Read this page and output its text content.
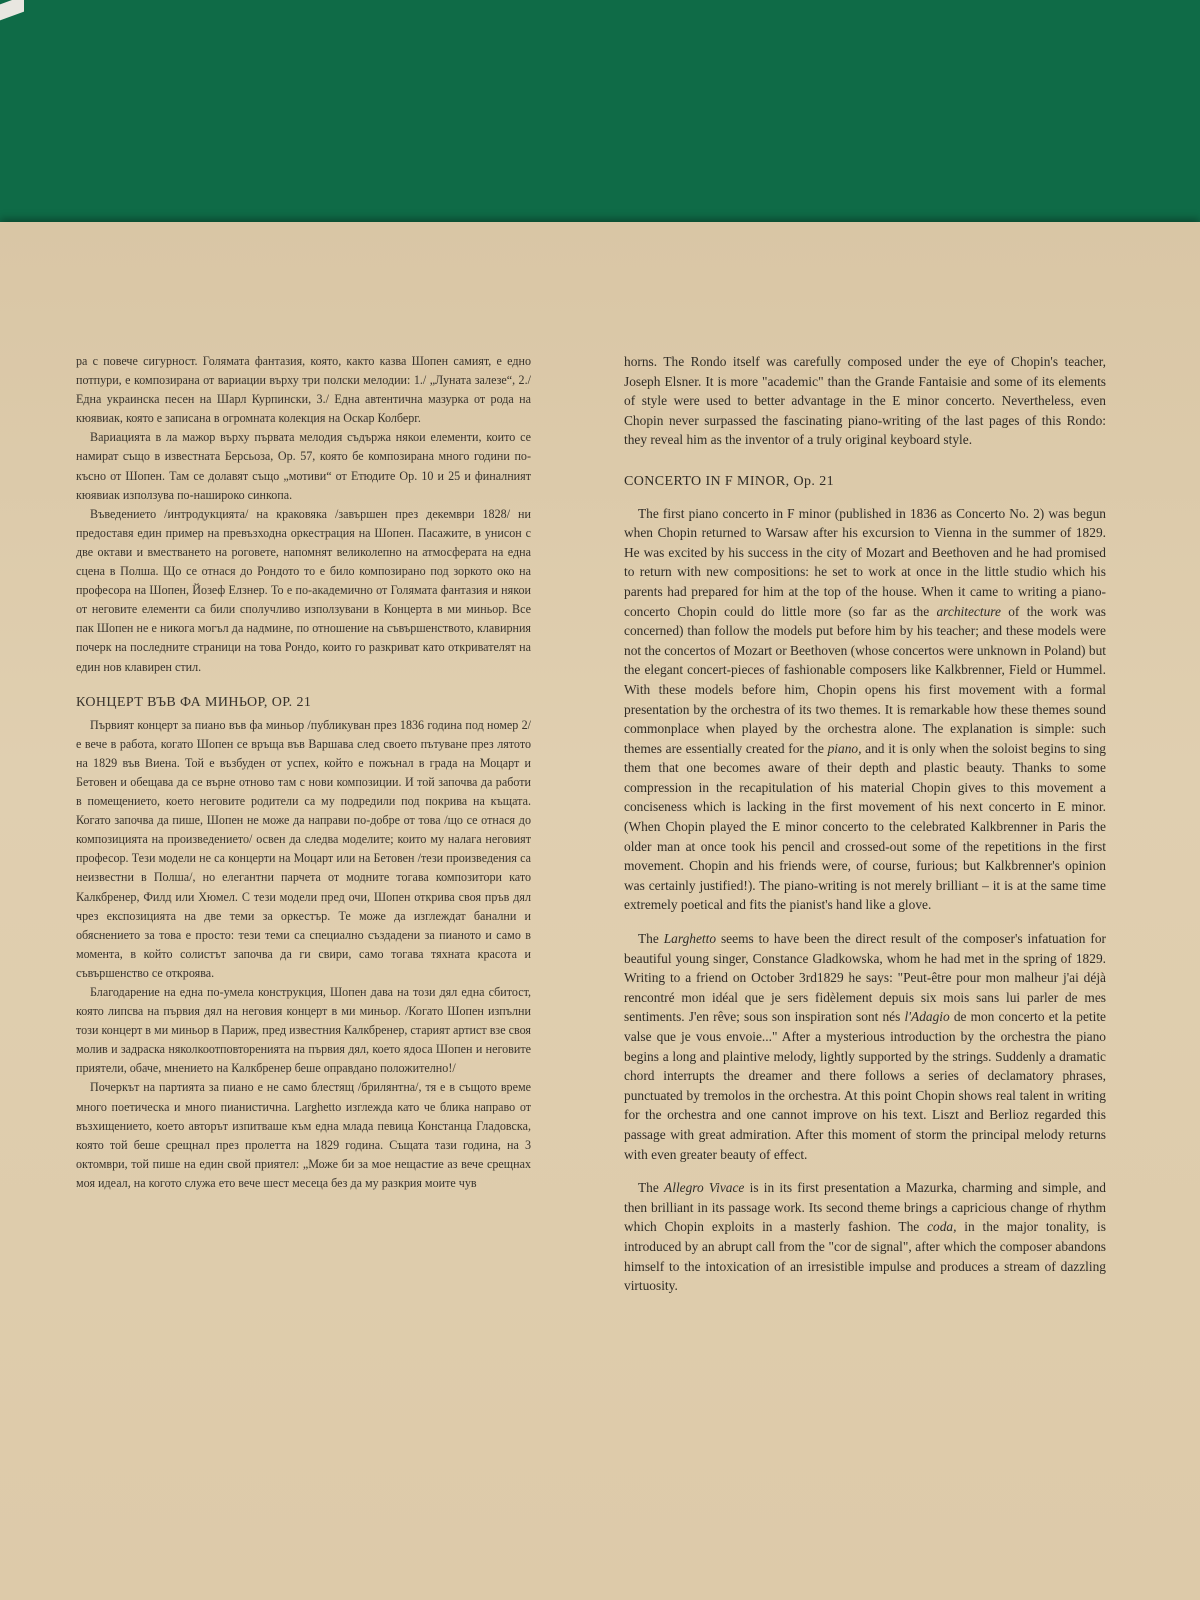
ра с повече сигурност. Голямата фантазия, която, както казва Шопен самият, е едно потпури, е композирана от вариации върху три полски мелодии: 1./ „Луната залезе“, 2./ Една украинска песен на Шарл Курпински, 3./ Една автентична мазурка от рода на кюявиак, която е записана в огромната колекция на Оскар Колберг.

Вариацията в ла мажор върху първата мелодия съдържа някои елементи, които се намират също в известната Берсьоза, Ор. 57, която бе композирана много години по-късно от Шопен. Там се долавят също „мотиви“ от Етюдите Ор. 10 и 25 и финалният кюявиак използува по-нашироко синкопа.

Въведението /интродукцията/ на краковяка /завършен през декември 1828/ ни предоставя един пример на превъзходна оркестрация на Шопен. Пасажите, в унисон с две октави и вместването на роговете, напомнят великолепно на атмосферата на една сцена в Полша. Що се отнася до Рондото то е било композирано под зоркото око на професора на Шопен, Йозеф Елзнер. То е по-академично от Голямата фантазия и някои от неговите елементи са били сполучливо използувани в Концерта в ми миньор. Все пак Шопен не е никога могъл да надмине, по отношение на съвършенството, клавирния почерк на последните страници на това Рондо, които го разкриват като откривателят на един нов клавирен стил.

КОНЦЕРТ ВЪВ ФА МИНЬОР, ОР. 21

Първият концерт за пиано във фа миньор /публикуван през 1836 година под номер 2/ е вече в работа, когато Шопен се връща във Варшава след своето пътуване през лятото на 1829 във Виена. Той е възбуден от успех, който е пожънал в града на Моцарт и Бетовен и обещава да се върне отново там с нови композиции. И той започва да работи в помещението, което неговите родители са му подредили под покрива на къщата. Когато започва да пише, Шопен не може да направи по-добре от това /що се отнася до композицията на произведението/ освен да следва моделите; които му налага неговият професор. Тези модели не са концерти на Моцарт или на Бетовен /тези произведения са неизвестни в Полша/, но елегантни парчета от модните тогава композитори като Калкбренер, Филд или Хюмел. С тези модели пред очи, Шопен открива своя пръв дял чрез експозицията на две теми за оркестър. Те може да изглеждат банални и обяснението за това е просто: тези теми са специално създадени за пианото и само в момента, в който солистът започва да ги свири, само тогава тяхната красота и съвършенство се откроява.

Благодарение на една по-умела конструкция, Шопен дава на този дял една сбитост, която липсва на първия дял на неговия концерт в ми миньор. /Когато Шопен изпълни този концерт в ми миньор в Париж, пред известния Калкбренер, старият артист взе своя молив и задраска няколкоотповторенията на първия дял, което ядоса Шопен и неговите приятели, обаче, мнението на Калкбренер беше оправдано положително!/

Почеркът на партията за пиано е не само блестящ /брилянтна/, тя е в същото време много поетическа и много пианистична. Larghetto изглежда като че блика направо от възхищението, което авторът изпитваше към една млада певица Констанца Гладовска, която той беше срещнал през пролетта на 1829 година. Същата тази година, на 3 октомври, той пише на един свой приятел: „Може би за мое нещастие аз вече срещнах моя идеал, на когото служа ето вече шест месеца без да му разкрия моите чув

horns. The Rondo itself was carefully composed under the eye of Chopin's teacher, Joseph Elsner. It is more "academic" than the Grande Fantaisie and some of its elements of style were used to better advantage in the E minor concerto. Nevertheless, even Chopin never surpassed the fascinating piano-writing of the last pages of this Rondo: they reveal him as the inventor of a truly original keyboard style.

CONCERTO IN F MINOR, Op. 21

The first piano concerto in F minor (published in 1836 as Concerto No. 2) was begun when Chopin returned to Warsaw after his excursion to Vienna in the summer of 1829. He was excited by his success in the city of Mozart and Beethoven and he had promised to return with new compositions: he set to work at once in the little studio which his parents had prepared for him at the top of the house. When it came to writing a piano-concerto Chopin could do little more (so far as the architecture of the work was concerned) than follow the models put before him by his teacher; and these models were not the concertos of Mozart or Beethoven (whose concertos were unknown in Poland) but the elegant concert-pieces of fashionable composers like Kalkbrenner, Field or Hummel. With these models before him, Chopin opens his first movement with a formal presentation by the orchestra of its two themes. It is remarkable how these themes sound commonplace when played by the orchestra alone. The explanation is simple: such themes are essentially created for the piano, and it is only when the soloist begins to sing them that one becomes aware of their depth and plastic beauty. Thanks to some compression in the recapitulation of his material Chopin gives to this movement a conciseness which is lacking in the first movement of his next concerto in E minor. (When Chopin played the E minor concerto to the celebrated Kalkbrenner in Paris the older man at once took his pencil and crossed-out some of the repetitions in the first movement. Chopin and his friends were, of course, furious; but Kalkbrenner's opinion was certainly justified!). The piano-writing is not merely brilliant – it is at the same time extremely poetical and fits the pianist's hand like a glove.

The Larghetto seems to have been the direct result of the composer's infatuation for beautiful young singer, Constance Gladkowska, whom he had met in the spring of 1829. Writing to a friend on October 3rd1829 he says: "Peut-être pour mon malheur j'ai déjà rencontré mon idéal que je sers fidèlement depuis six mois sans lui parler de mes sentiments. J'en rêve; sous son inspiration sont nés l'Adagio de mon concerto et la petite valse que je vous envoie..." After a mysterious introduction by the orchestra the piano begins a long and plaintive melody, lightly supported by the strings. Suddenly a dramatic chord interrupts the dreamer and there follows a series of declamatory phrases, punctuated by tremolos in the orchestra. At this point Chopin shows real talent in writing for the orchestra and one cannot improve on his text. Liszt and Berlioz regarded this passage with great admiration. After this moment of storm the principal melody returns with even greater beauty of effect.

The Allegro Vivace is in its first presentation a Mazurka, charming and simple, and then brilliant in its passage work. Its second theme brings a capricious change of rhythm which Chopin exploits in a masterly fashion. The coda, in the major tonality, is introduced by an abrupt call from the "cor de signal", after which the composer abandons himself to the intoxication of an irresistible impulse and produces a stream of dazzling virtuosity.
